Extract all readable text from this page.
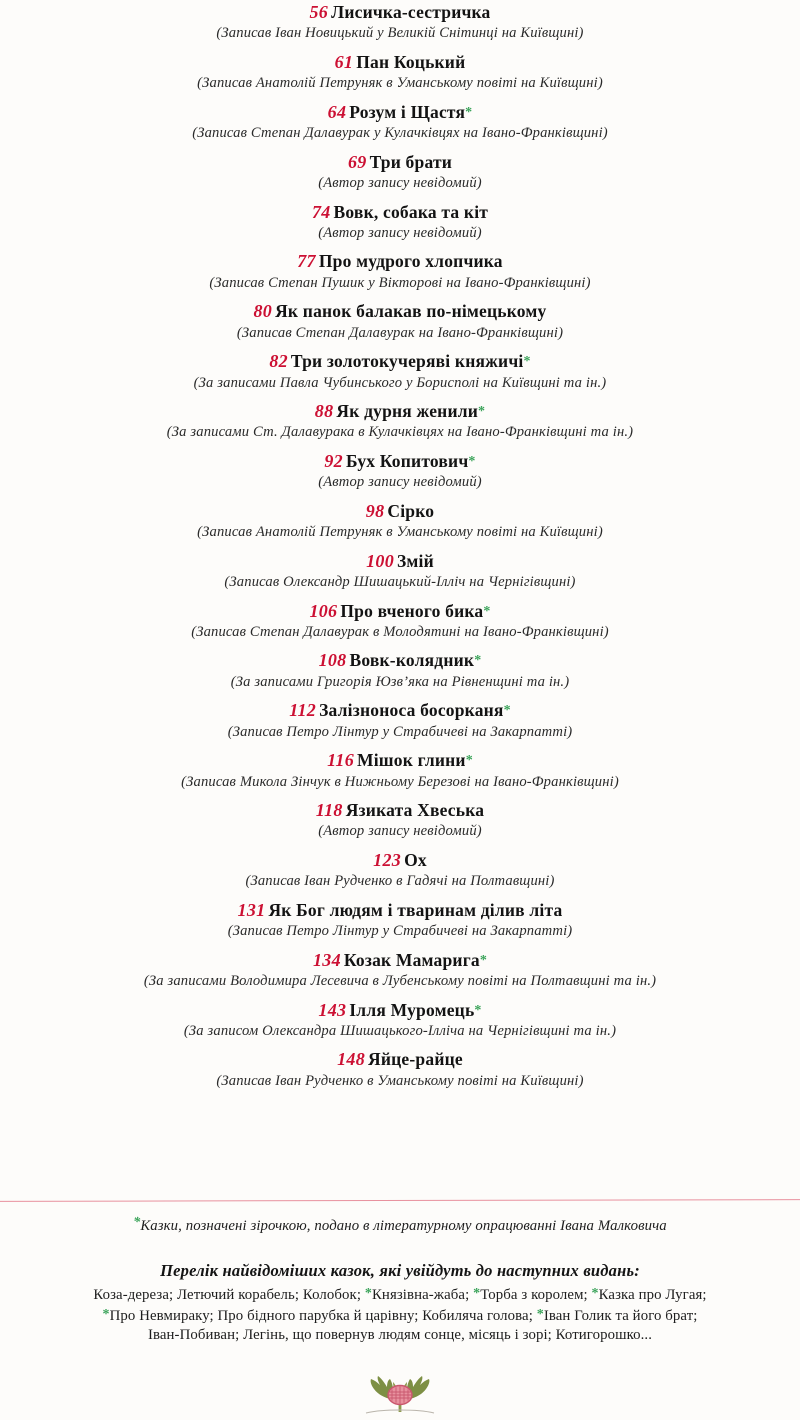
56 Лисичка-сестричка
(Записав Іван Новицький у Великій Снітинці на Київщині)
61 Пан Коцький
(Записав Анатолій Петруняк в Уманському повіті на Київщині)
64 Розум і Щастя*
(Записав Степан Далавурак у Кулачківцях на Івано-Франківщині)
69 Три брати
(Автор запису невідомий)
74 Вовк, собака та кіт
(Автор запису невідомий)
77 Про мудрого хлопчика
(Записав Степан Пушик у Вікторові на Івано-Франківщині)
80 Як панок балакав по-німецькому
(Записав Степан Далавурак на Івано-Франківщині)
82 Три золотокучеряві княжичі*
(За записами Павла Чубинського у Борисполі на Київщині та ін.)
88 Як дурня женили*
(За записами Ст. Далавурака в Кулачківцях на Івано-Франківщині та ін.)
92 Бух Копитович*
(Автор запису невідомий)
98 Сірко
(Записав Анатолій Петруняк в Уманському повіті на Київщині)
100 Змій
(Записав Олександр Шишацький-Ілліч на Чернігівщині)
106 Про вченого бика*
(Записав Степан Далавурак в Молодятині на Івано-Франківщині)
108 Вовк-колядник*
(За записами Григорія Юзв’яка на Рівненщині та ін.)
112 Залізноноса босорканя*
(Записав Петро Лінтур у Страбичеві на Закарпатті)
116 Мішок глини*
(Записав Микола Зінчук в Нижньому Березові на Івано-Франківщині)
118 Язиката Хвеська
(Автор запису невідомий)
123 Ох
(Записав Іван Рудченко в Гадячі на Полтавщині)
131 Як Бог людям і тваринам ділив літа
(Записав Петро Лінтур у Страбичеві на Закарпатті)
134 Козак Мамарига*
(За записами Володимира Лесевича в Лубенському повіті на Полтавщині та ін.)
143 Ілля Муромець*
(За записом Олександра Шишацького-Ілліча на Чернігівщині та ін.)
148 Яйце-райце
(Записав Іван Рудченко в Уманському повіті на Київщині)
*Казки, позначені зірочкою, подано в літературному опрацюванні Івана Малковича
Перелік найвідоміших казок, які увійдуть до наступних видань:
Коза-дереза; Летючий корабель; Колобок; *Князівна-жаба; *Торба з королем; *Казка про Лугая;
*Про Невмираку; Про бідного парубка й царівну; Кобиляча голова; *Іван Голик та його брат;
Іван-Побиван; Легінь, що повернув людям сонце, місяць і зорі; Котигорошко...
